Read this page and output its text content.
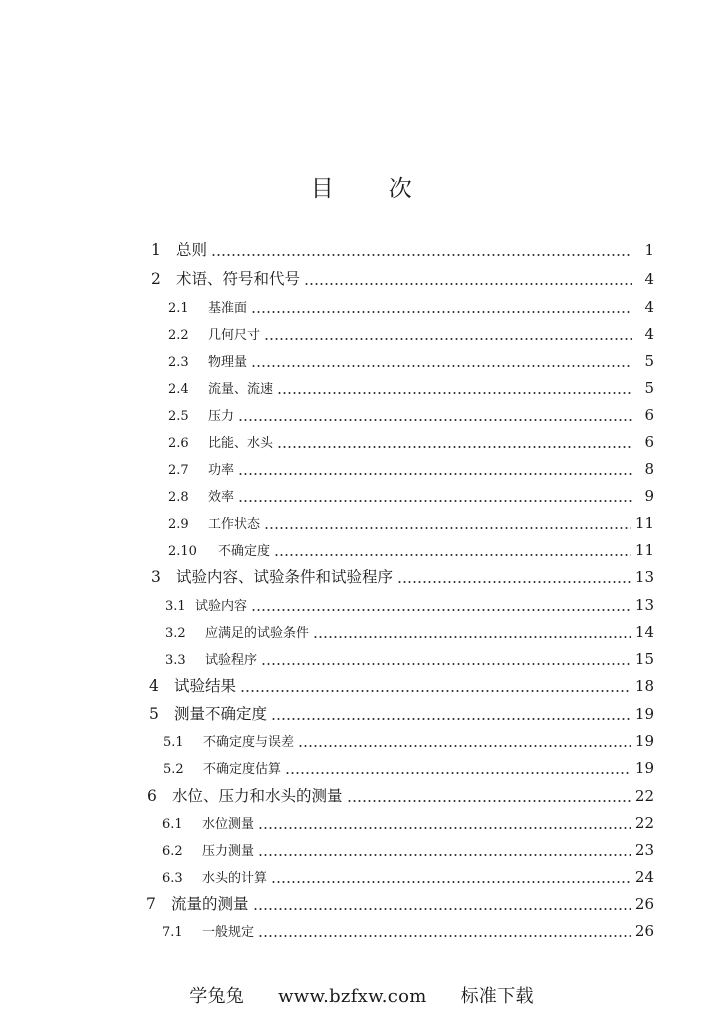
目 次
1 总则	1
2 术语、符号和代号	4
2.1	基准面	4
2.2	几何尺寸	4
2.3	物理量	5
2.4	流量、流速	5
2.5	压力	6
2.6	比能、水头	6
2.7	功率	8
2.8	效率	9
2.9	工作状态	11
2.10	不确定度	11
3 试验内容、试验条件和试验程序	13
3.1 试验内容	13
3.2	应满足的试验条件	14
3.3	试验程序	15
4 试验结果	18
5 测量不确定度	19
5.1	不确定度与误差	19
5.2	不确定度估算	19
6 水位、压力和水头的测量	22
6.1	水位测量	22
6.2	压力测量	23
6.3	水头的计算	24
7 流量的测量	26
7.1	一般规定	26
学兔兔 www.bzfxw.com 标准下载
